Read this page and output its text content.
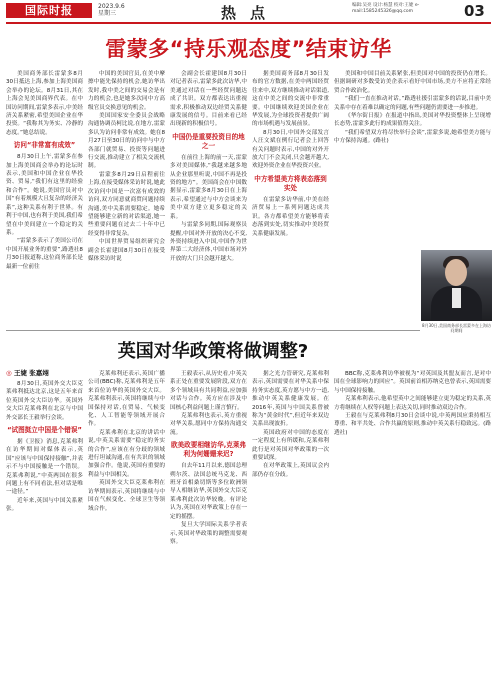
国际时报	2023.9.6
星期三	热点	编辑:吴亮 设计:杨慧 校对:王婕 e-mail:1585245326@qq.com	03
雷蒙多“持乐观态度”结束访华

美国商务部长雷蒙多8月30日抵达上海,参加上海美国商会举办的论坛。8月31日,其在上海会见美国商界代表。在中国访问期间,雷蒙多表示,中美经济关系紧密,希望美国企业在华投资。“我称其为务实、冷静的态度。”她总结说。

访问“非常富有成效”

8月30日上午,雷蒙多在参加上海美国商会举办的论坛时表示,美国和中国企业在华投资、贸易,“我们有这里的经验和合作”。她说,美国官员对中国“有着规模大且复杂的经济关系”,这种关系有利于世界。有利于中国,也有利于美国,我们希望在中美间建立一个稳定的关系。

“雷蒙多表示了美国公司在中国开展业务的重要”,路透社8月30日报道称,这位商务部长是最新一位前往

中国的美国官员,在美中摩擦中能先保持的机会,她访华出发时,我中美之间的交易会是有力的机会,也是她多次同中方高级官员交换意见的机会。

美国国家安全委员会战略沟通协调员柯比说,在地方,雷蒙多认为访问非常有成效。她在8月27日至30日的访问中与中方各部门就贸易、投资等问题进行交流,推动建立了相关交流机制。

雷蒙多8月29日启程前往上海,在接受媒体采访时说,她此次访问中国是一次富有成效的访问,双方同意就商贸问题持续沟通,美中关系需要稳定。她希望能够建立新的对话渠道,她一些重要问题在过去二十年中已经变得非常复杂。

中国世界贸易组织研究会副会长霍建国8月30日在接受媒体采访时说

会副会长霍建国8月30日对记者表示,雷蒙多此次访华,中美通过对话在一些经贸问题达成了共识。双方都表达出重视需求,积极推动双边经贸关系健康发展的信号。目前来看已经出现新的积极信号。

中国仍是重要投资目的地之一

在前往上海的前一天,雷蒙多对美国媒体,“我越来越多地从企业那里听说,中国不再是投资的地方”。美国商会在中国数据显示,雷蒙多8月30日在上海表示,希望通过与中方会谈来为美中双方建立更多稳定的关系。

与雷蒙多同期,国际观察员提醒,中国对外开放的决心不变,外资持续进入中国,中国作为世界第二大经济体,中国市场对外开放的大门只会越开越大。

据美国商务部8月30日发布的官方数据,在美中两国经贸往来中,双方继续推动对话渠道,这在中美之间的交流中非常重要。中国继续欢迎美国企业在华发展,为全球投资者提供广阔的市场机遇与发展前景。

8月30日,中国外交部发言人汪文斌在例行记者会上回答有关问题时表示,中国的对外开放大门不会关闭,只会越开越大,欢迎外资企业在华投资兴业。

中方希望美方将表态落到实处

在雷蒙多访华前,中美在经济贸易上一系列问题达成共识。各方都希望美方能够将表态落到实处,切实推动中美经贸关系健康发展。

美国和中国目前关系紧张,但美国对中国的投资仍在增长。但据调研对多数受访美企表示看好中国市场,美方不应将正常经贸合作政治化。

“我们一直在推动对话。”路透社援引雷蒙多的话说,目前中美关系中存在着难以确定的问题,有些问题仍需要进一步推进。

《华尔街日报》在报道中指出,美国对华投资整体上呈现增长态势,雷蒙多此行的成果值得关注。

“我们希望双方将尽快举行会谈”,雷蒙多说,她希望美方能与中方保持沟通。(路社)

8月30日,美国商务部长雷蒙多在上海访问期间
英国对华政策将做调整?
◎ 王婕 张嘉翊

8月30日,英国外交大臣克莱弗利抵达北京,这是五年来首位英国外交大臣访华。英国外交大臣克莱弗利在北京与中国外交部长王毅举行会谈。

“试图挺立中国是个错误”

据《卫报》消息,克莱弗利在访华期间对媒体表示,英国“应该与中国保持接触”,并表示不与中国接触是一个错误。克莱弗利说,“中英两国在很多问题上有不同看法,但对话是唯一途径。”

近年来,英国与中国关系紧张。

克莱弗利还表示,英国广播公司(BBC)称,克莱弗利是五年来首位访华的英国外交大臣。克莱弗利表示,英国将继续与中国保持对话,在贸易、气候变化、人工智能等领域开展合作。

克莱弗利在北京的讲话中说,中英关系需要“稳定的务实的合作”,应该在有分歧的领域进行坦诚沟通,在有共识的领域加强合作。他说,英国有重要的利益与中国相关。

英国外交大臣克莱弗利在访华期间表示,英国将继续与中国在气候变化、全球卫生等领域合作。

王毅表示,从历史看,中英关系正处在重要发展阶段,双方在多个领域具有共同利益,应加强对话与合作。英方应在涉及中国核心利益问题上谨言慎行。

克莱弗利也表示,英方重视对华关系,愿同中方保持沟通交流。

欧美政要相继访华,克莱弗利为何姗姗来迟?

自去年11月以来,德国总理朔尔茨、法国总统马克龙、西班牙首相桑切斯等多位欧洲领导人相继访华,英国外交大臣克莱弗利此次访华较晚。有评论认为,英国在对华政策上存在一定的摇摆。

复旦大学国际关系学者表示,英国对华政策的调整需要观察。

据之光力管研究,克莱弗利表示,英国需要在对华关系中保持务实态度,英方愿与中方一道,推动中英关系健康发展。在2016年,英国与中国关系曾被称为“黄金时代”,但近年来双边关系出现波折。

英国政府对中国的态度在一定程度上有所缓和,克莱弗利此行是对英国对华政策的一次重要试探。

在对华政策上,英国议会内部仍存在分歧。

BBC称,克莱弗利访华被视为“对英国及其盟友而言,是对中国在全球影响力的回应”。英国前首相苏纳克也曾表示,英国需要与中国保持接触。

克莱弗利表示,他希望英中之间能够建立更为稳定的关系,英方将继续在人权等问题上表达关切,同时推动双边合作。

王毅在与克莱弗利8月30日会谈中说,中英两国应秉持相互尊重、和平共处、合作共赢的原则,推动中英关系行稳致远。(路透社)
